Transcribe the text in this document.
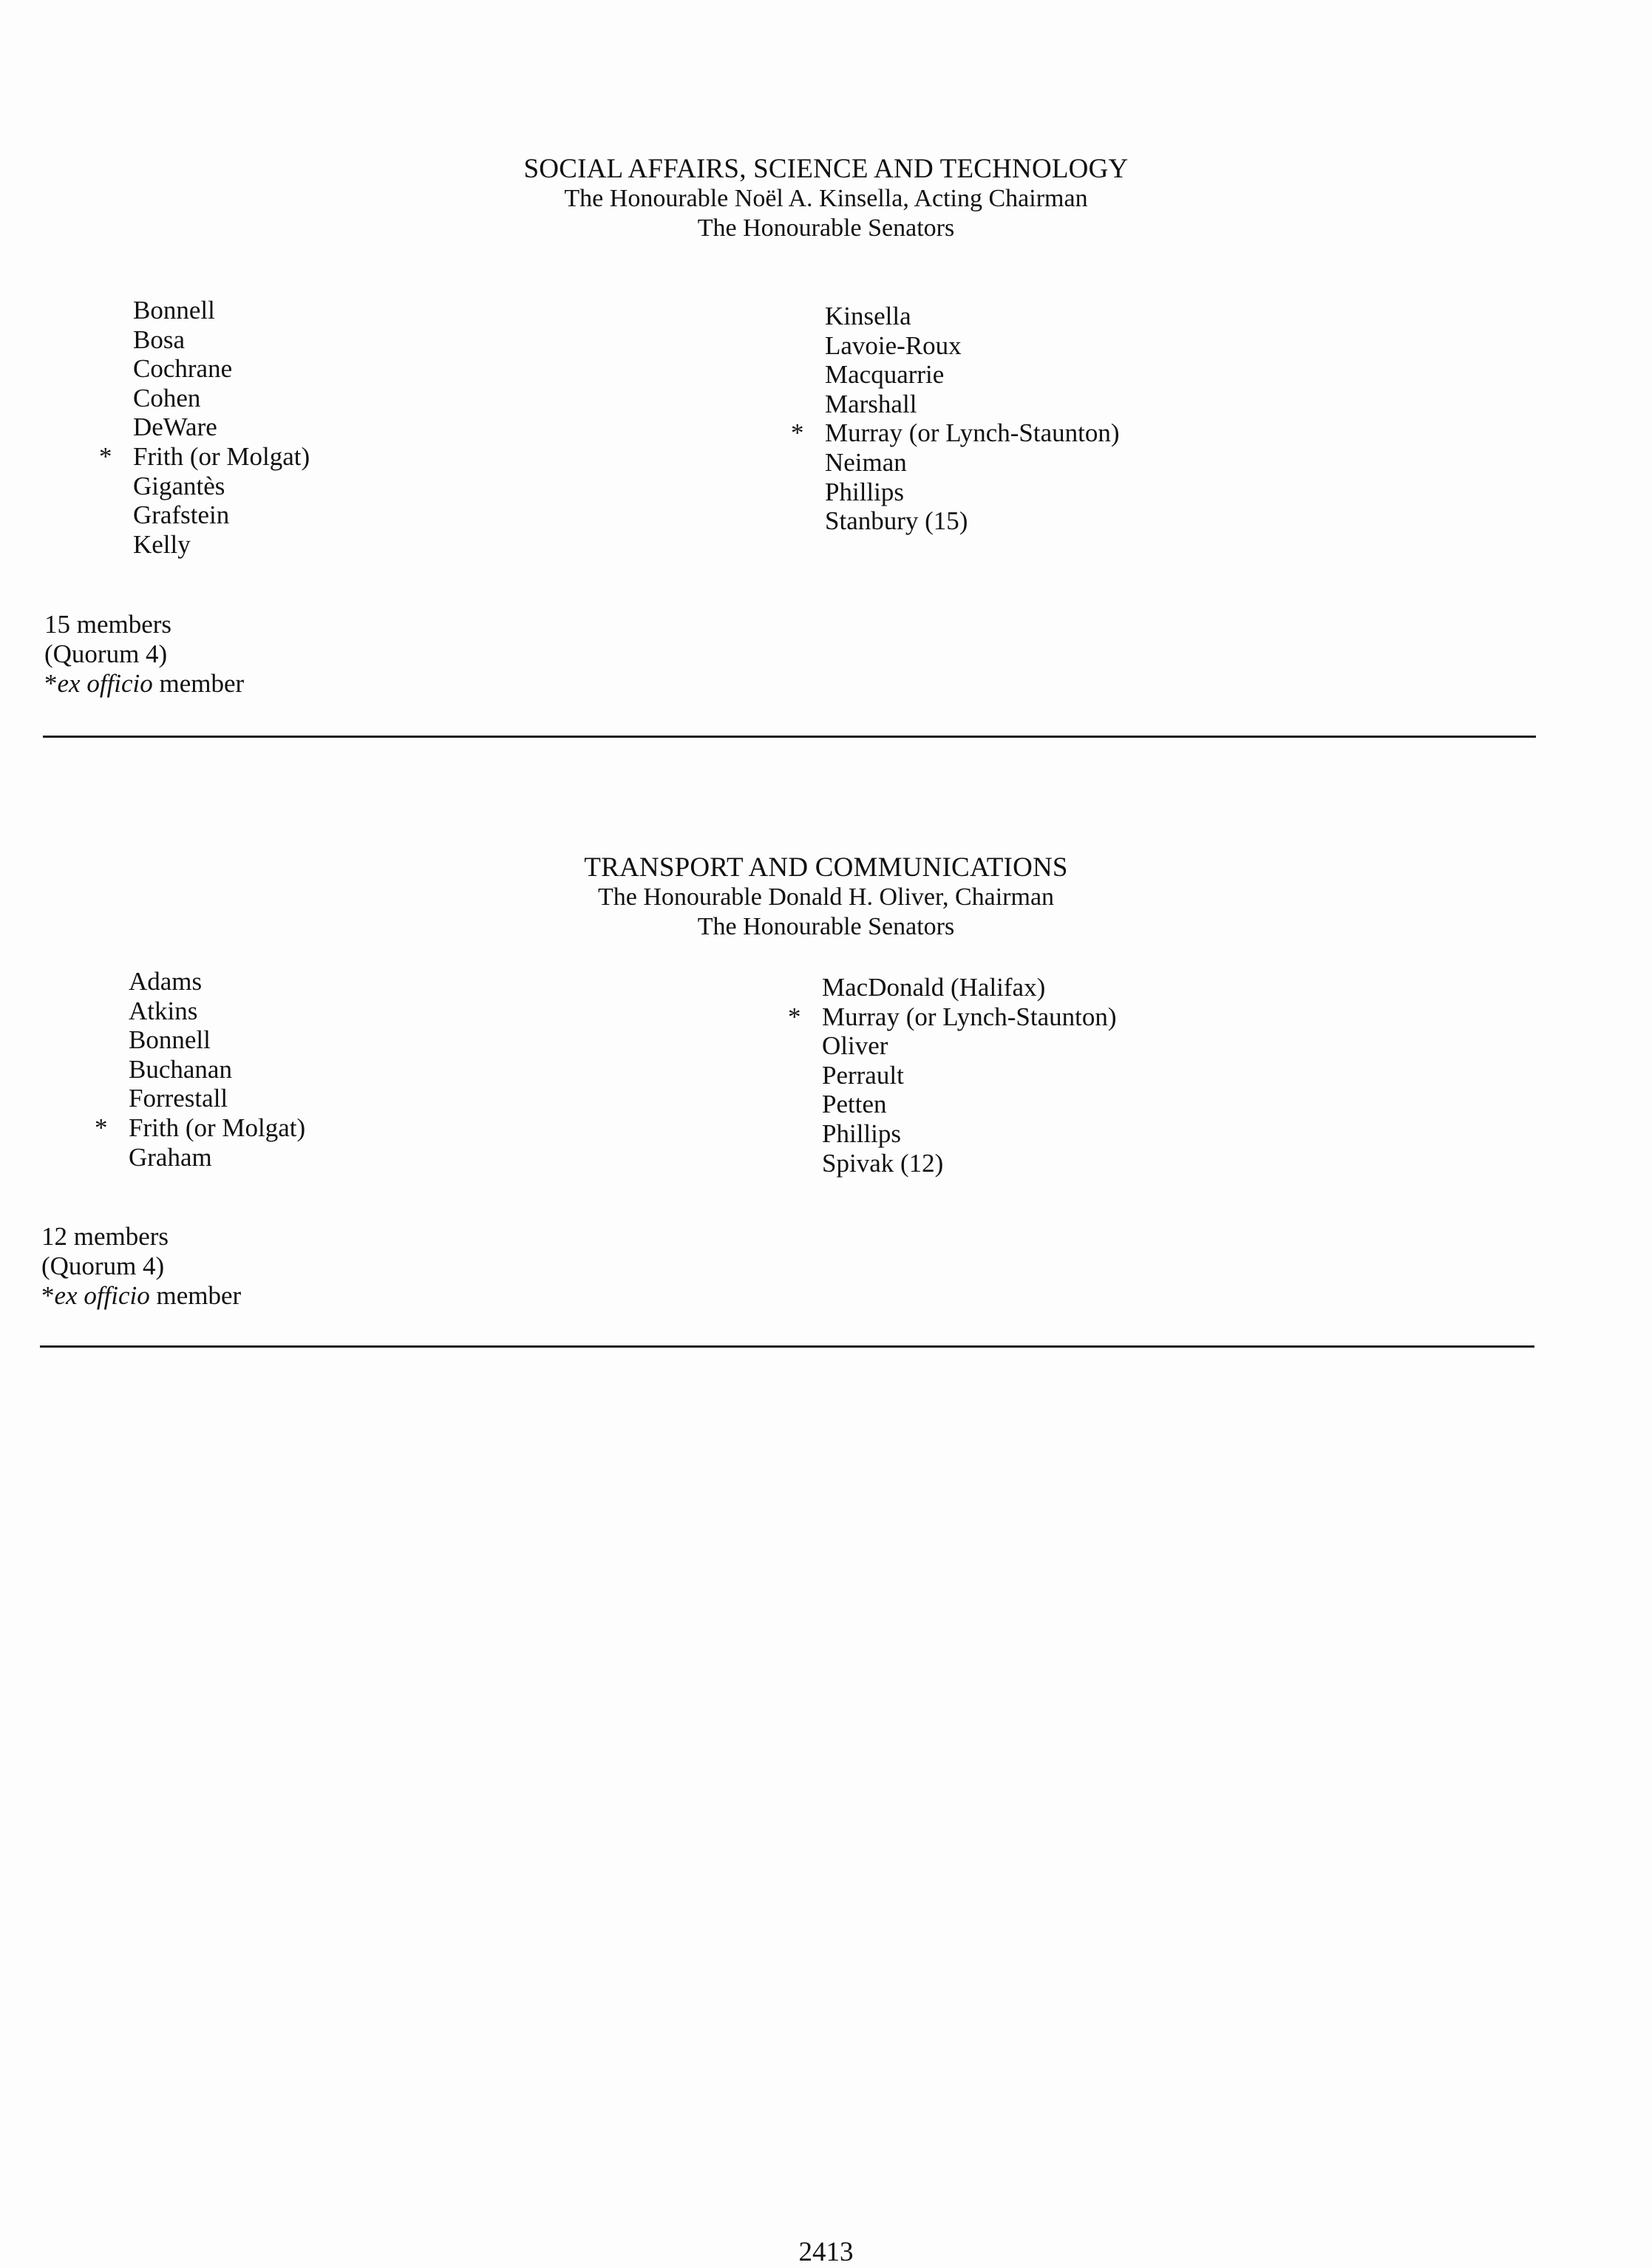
SOCIAL AFFAIRS, SCIENCE AND TECHNOLOGY
The Honourable Noël A. Kinsella, Acting Chairman
The Honourable Senators
Bonnell
Bosa
Cochrane
Cohen
DeWare
* Frith (or Molgat)
Gigantès
Grafstein
Kelly
Kinsella
Lavoie-Roux
Macquarrie
Marshall
* Murray (or Lynch-Staunton)
Neiman
Phillips
Stanbury (15)
15 members
(Quorum 4)
*ex officio member
TRANSPORT AND COMMUNICATIONS
The Honourable Donald H. Oliver, Chairman
The Honourable Senators
Adams
Atkins
Bonnell
Buchanan
Forrestall
* Frith (or Molgat)
Graham
MacDonald (Halifax)
* Murray (or Lynch-Staunton)
Oliver
Perrault
Petten
Phillips
Spivak (12)
12 members
(Quorum 4)
*ex officio member
2413
